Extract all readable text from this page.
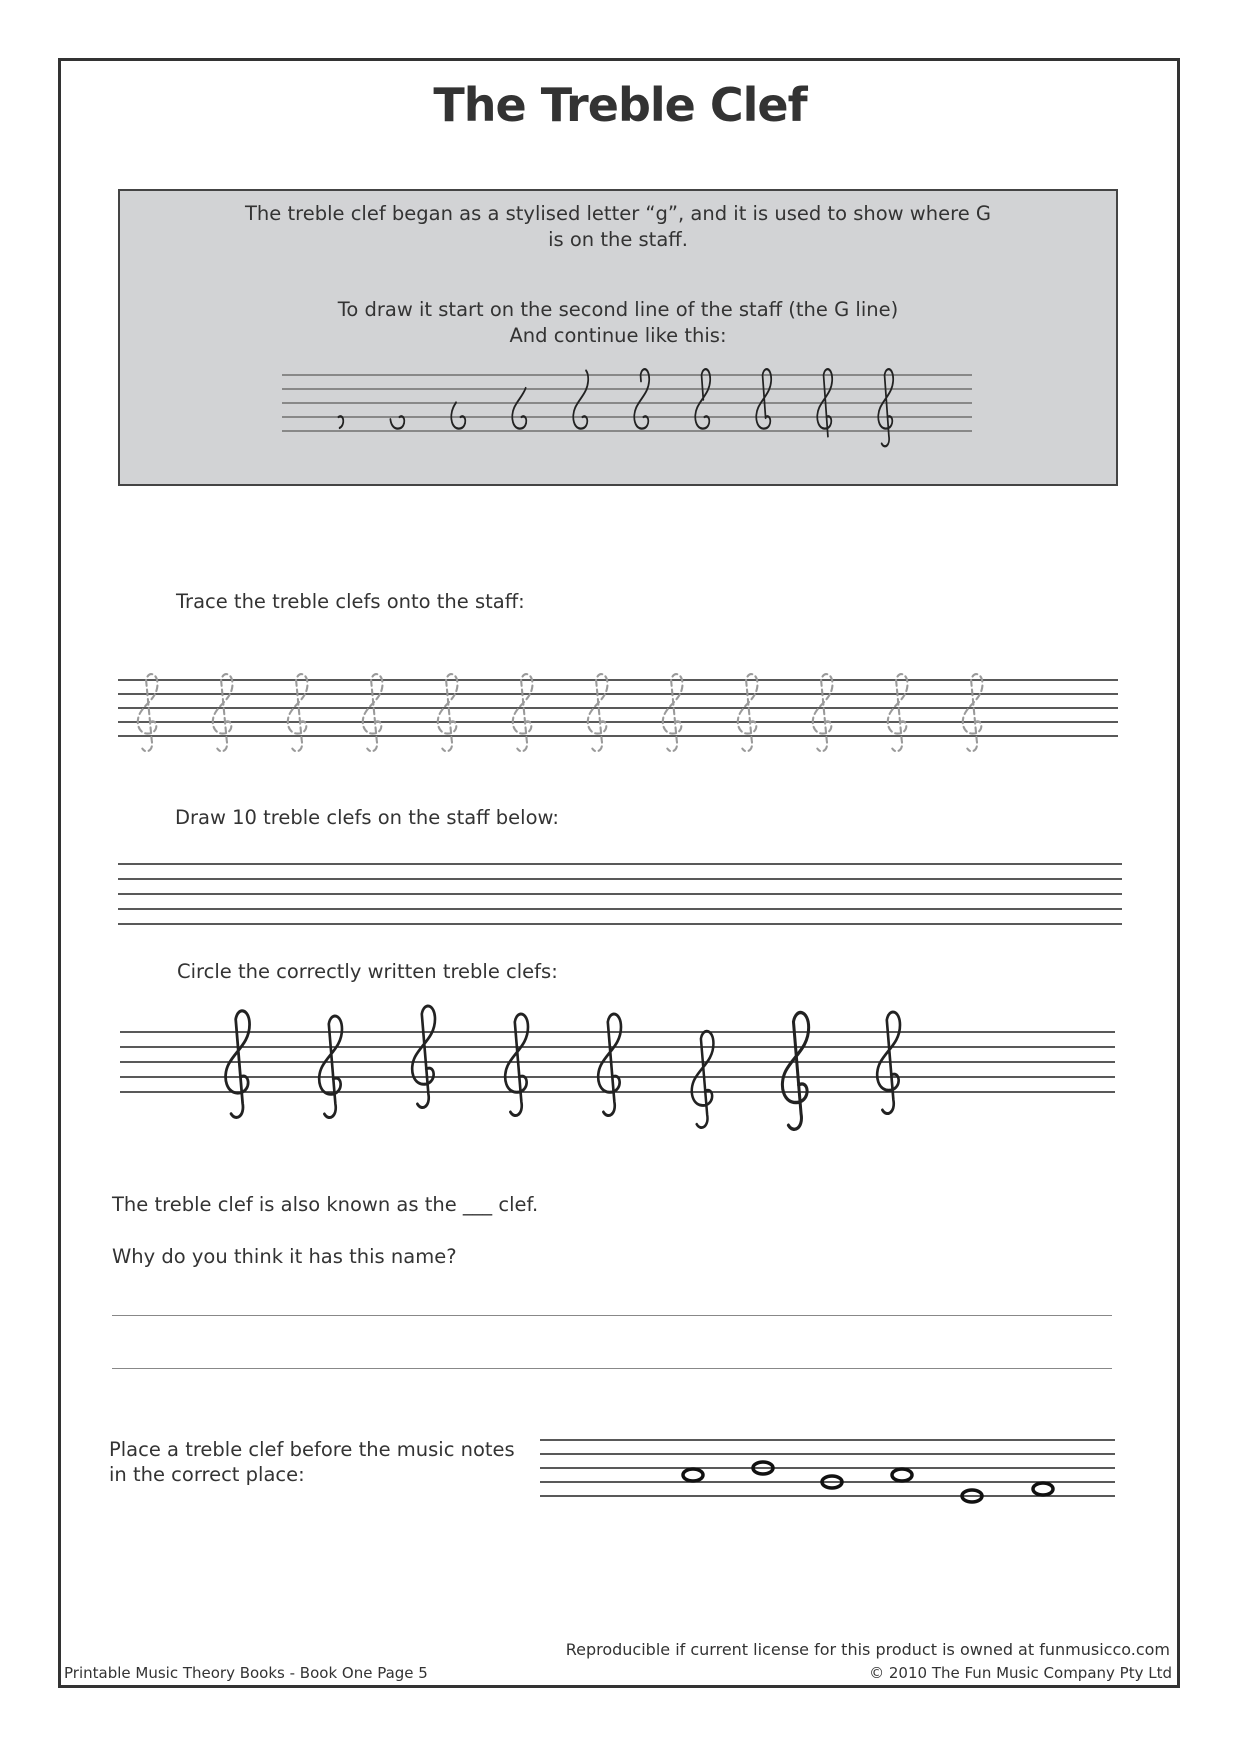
The Treble Clef

The treble clef began as a stylised letter “g”, and it is used to show where G is on the staff.

To draw it start on the second line of the staff (the G line)

And continue like this:

Trace the treble clefs onto the staff:
Draw 10 treble clefs on the staff below:
Circle the correctly written treble clefs:
The treble clef is also known as the ___ clef.
Why do you think it has this name?
Place a treble clef before the music notes
in the correct place:
Reproducible if current license for this product is owned at funmusicco.com
Printable Music Theory Books - Book One Page 5	© 2010 The Fun Music Company Pty Ltd
